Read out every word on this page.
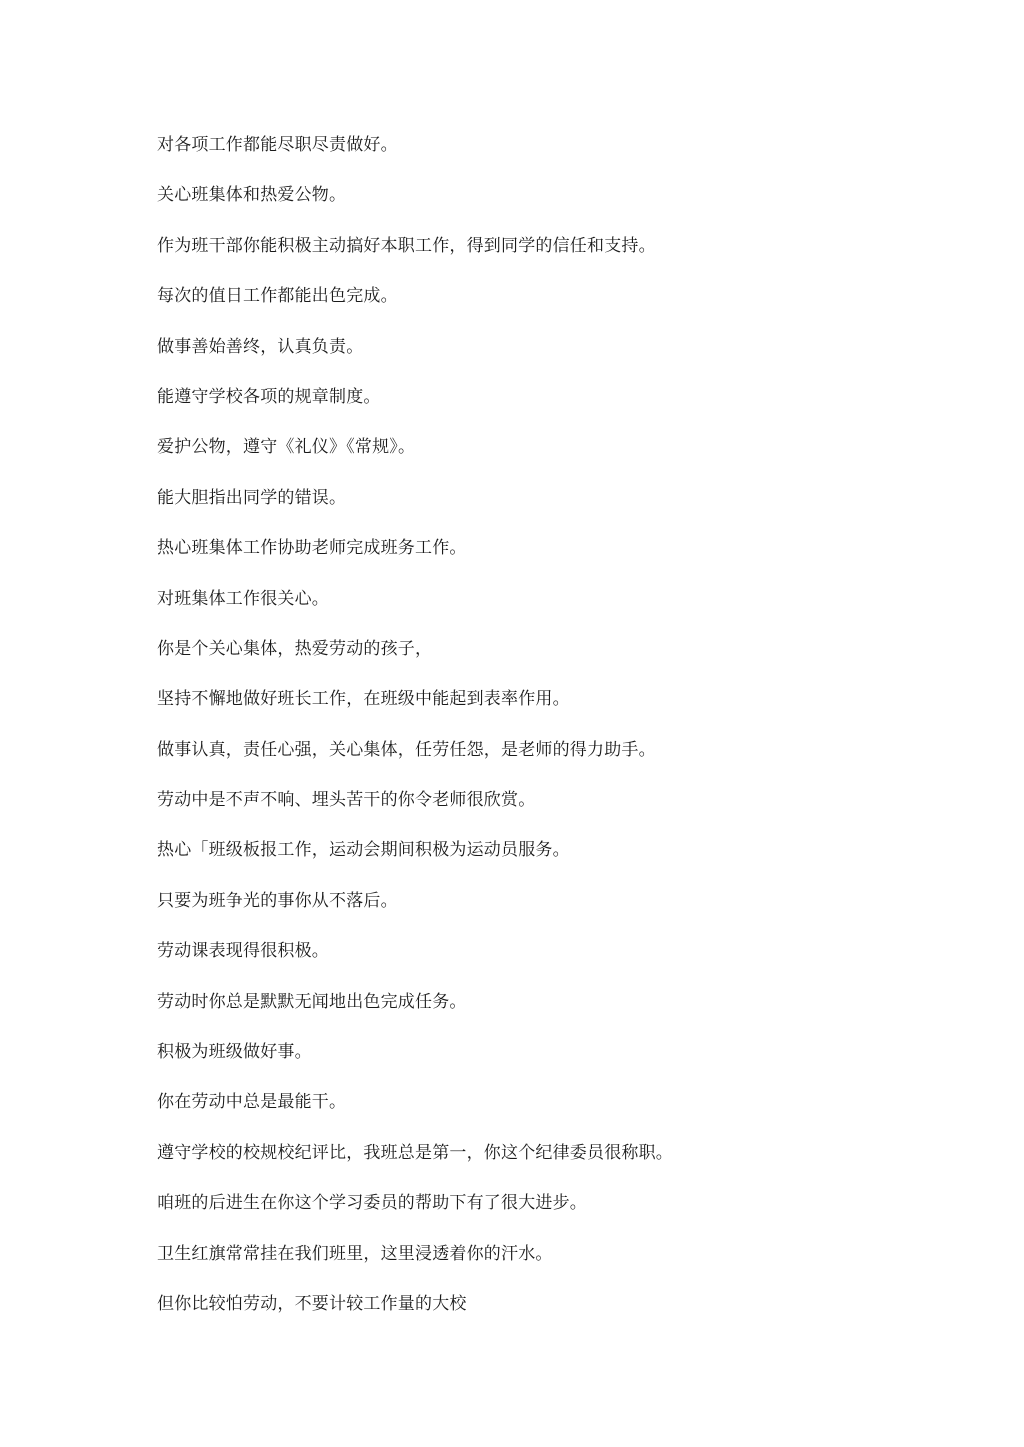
对各项工作都能尽职尽责做好。
关心班集体和热爱公物。
作为班干部你能积极主动搞好本职工作，得到同学的信任和支持。
每次的值日工作都能出色完成。
做事善始善终，认真负责。
能遵守学校各项的规章制度。
爱护公物，遵守《礼仪》《常规》。
能大胆指出同学的错误。
热心班集体工作协助老师完成班务工作。
对班集体工作很关心。
你是个关心集体，热爱劳动的孩子，
坚持不懈地做好班长工作，在班级中能起到表率作用。
做事认真，责任心强，关心集体，任劳任怨，是老师的得力助手。
劳动中是不声不响、埋头苦干的你令老师很欣赏。
热心「班级板报工作，运动会期间积极为运动员服务。
只要为班争光的事你从不落后。
劳动课表现得很积极。
劳动时你总是默默无闻地出色完成任务。
积极为班级做好事。
你在劳动中总是最能干。
遵守学校的校规校纪评比，我班总是第一，你这个纪律委员很称职。
咱班的后进生在你这个学习委员的帮助下有了很大进步。
卫生红旗常常挂在我们班里，这里浸透着你的汗水。
但你比较怕劳动，不要计较工作量的大校
